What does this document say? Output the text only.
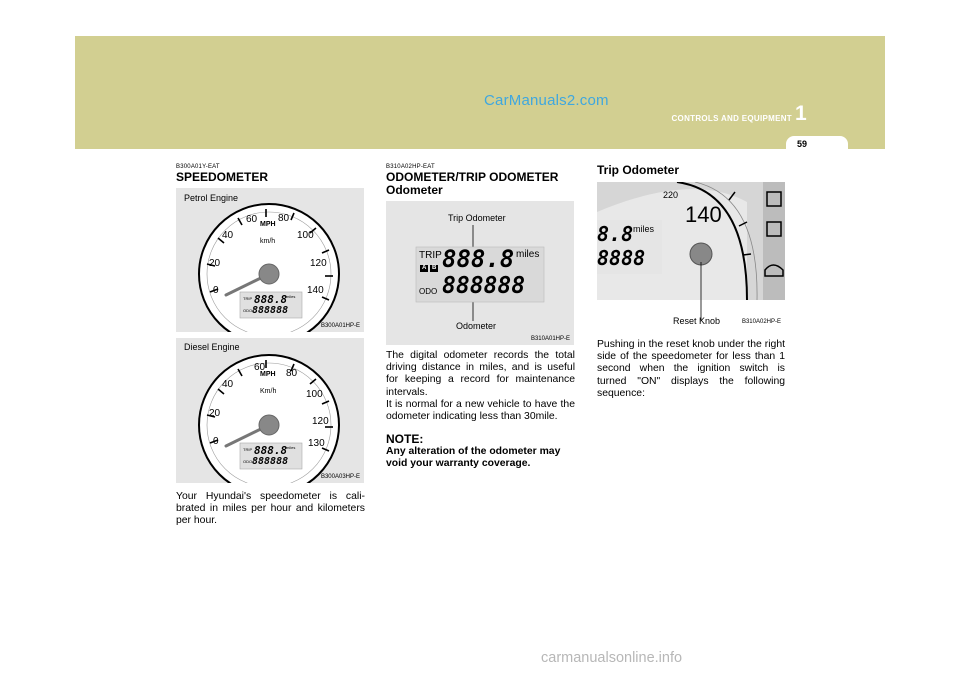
CarManuals2.com
CONTROLS AND EQUIPMENT 1
59
B300A01Y-EAT
SPEEDOMETER
Petrol Engine
0
20
40
60 80
100
120
140
MPH
km/h
TRIP 888.8
miles
ODO 888888
B300A01HP-E
Diesel Engine
0
20
40
60
80
100
120
130
MPH
Km/h
TRIP 888.8
miles
ODO 888888
B300A03HP-E
Your Hyundai's speedometer is cali-brated in miles per hour and kilometers per hour.
B310A02HP-EAT
ODOMETER/TRIP ODOMETER
Odometer
Trip Odometer
TRIP
A B 888.8 miles
ODO 888888
Odometer
B310A01HP-E
The digital odometer records the total driving distance in miles, and is useful for keeping a record for maintenance intervals.
It is normal for a new vehicle to have the odometer indicating less than 30mile.
NOTE:
Any alteration of the odometer may void your warranty coverage.
Trip Odometer
220
140
8.8 miles
8888
Reset Knob	B310A02HP-E
Pushing in the reset knob under the right side of the speedometer for less than 1 second when the ignition switch is turned "ON" displays the following sequence:
carmanualsonline.info
